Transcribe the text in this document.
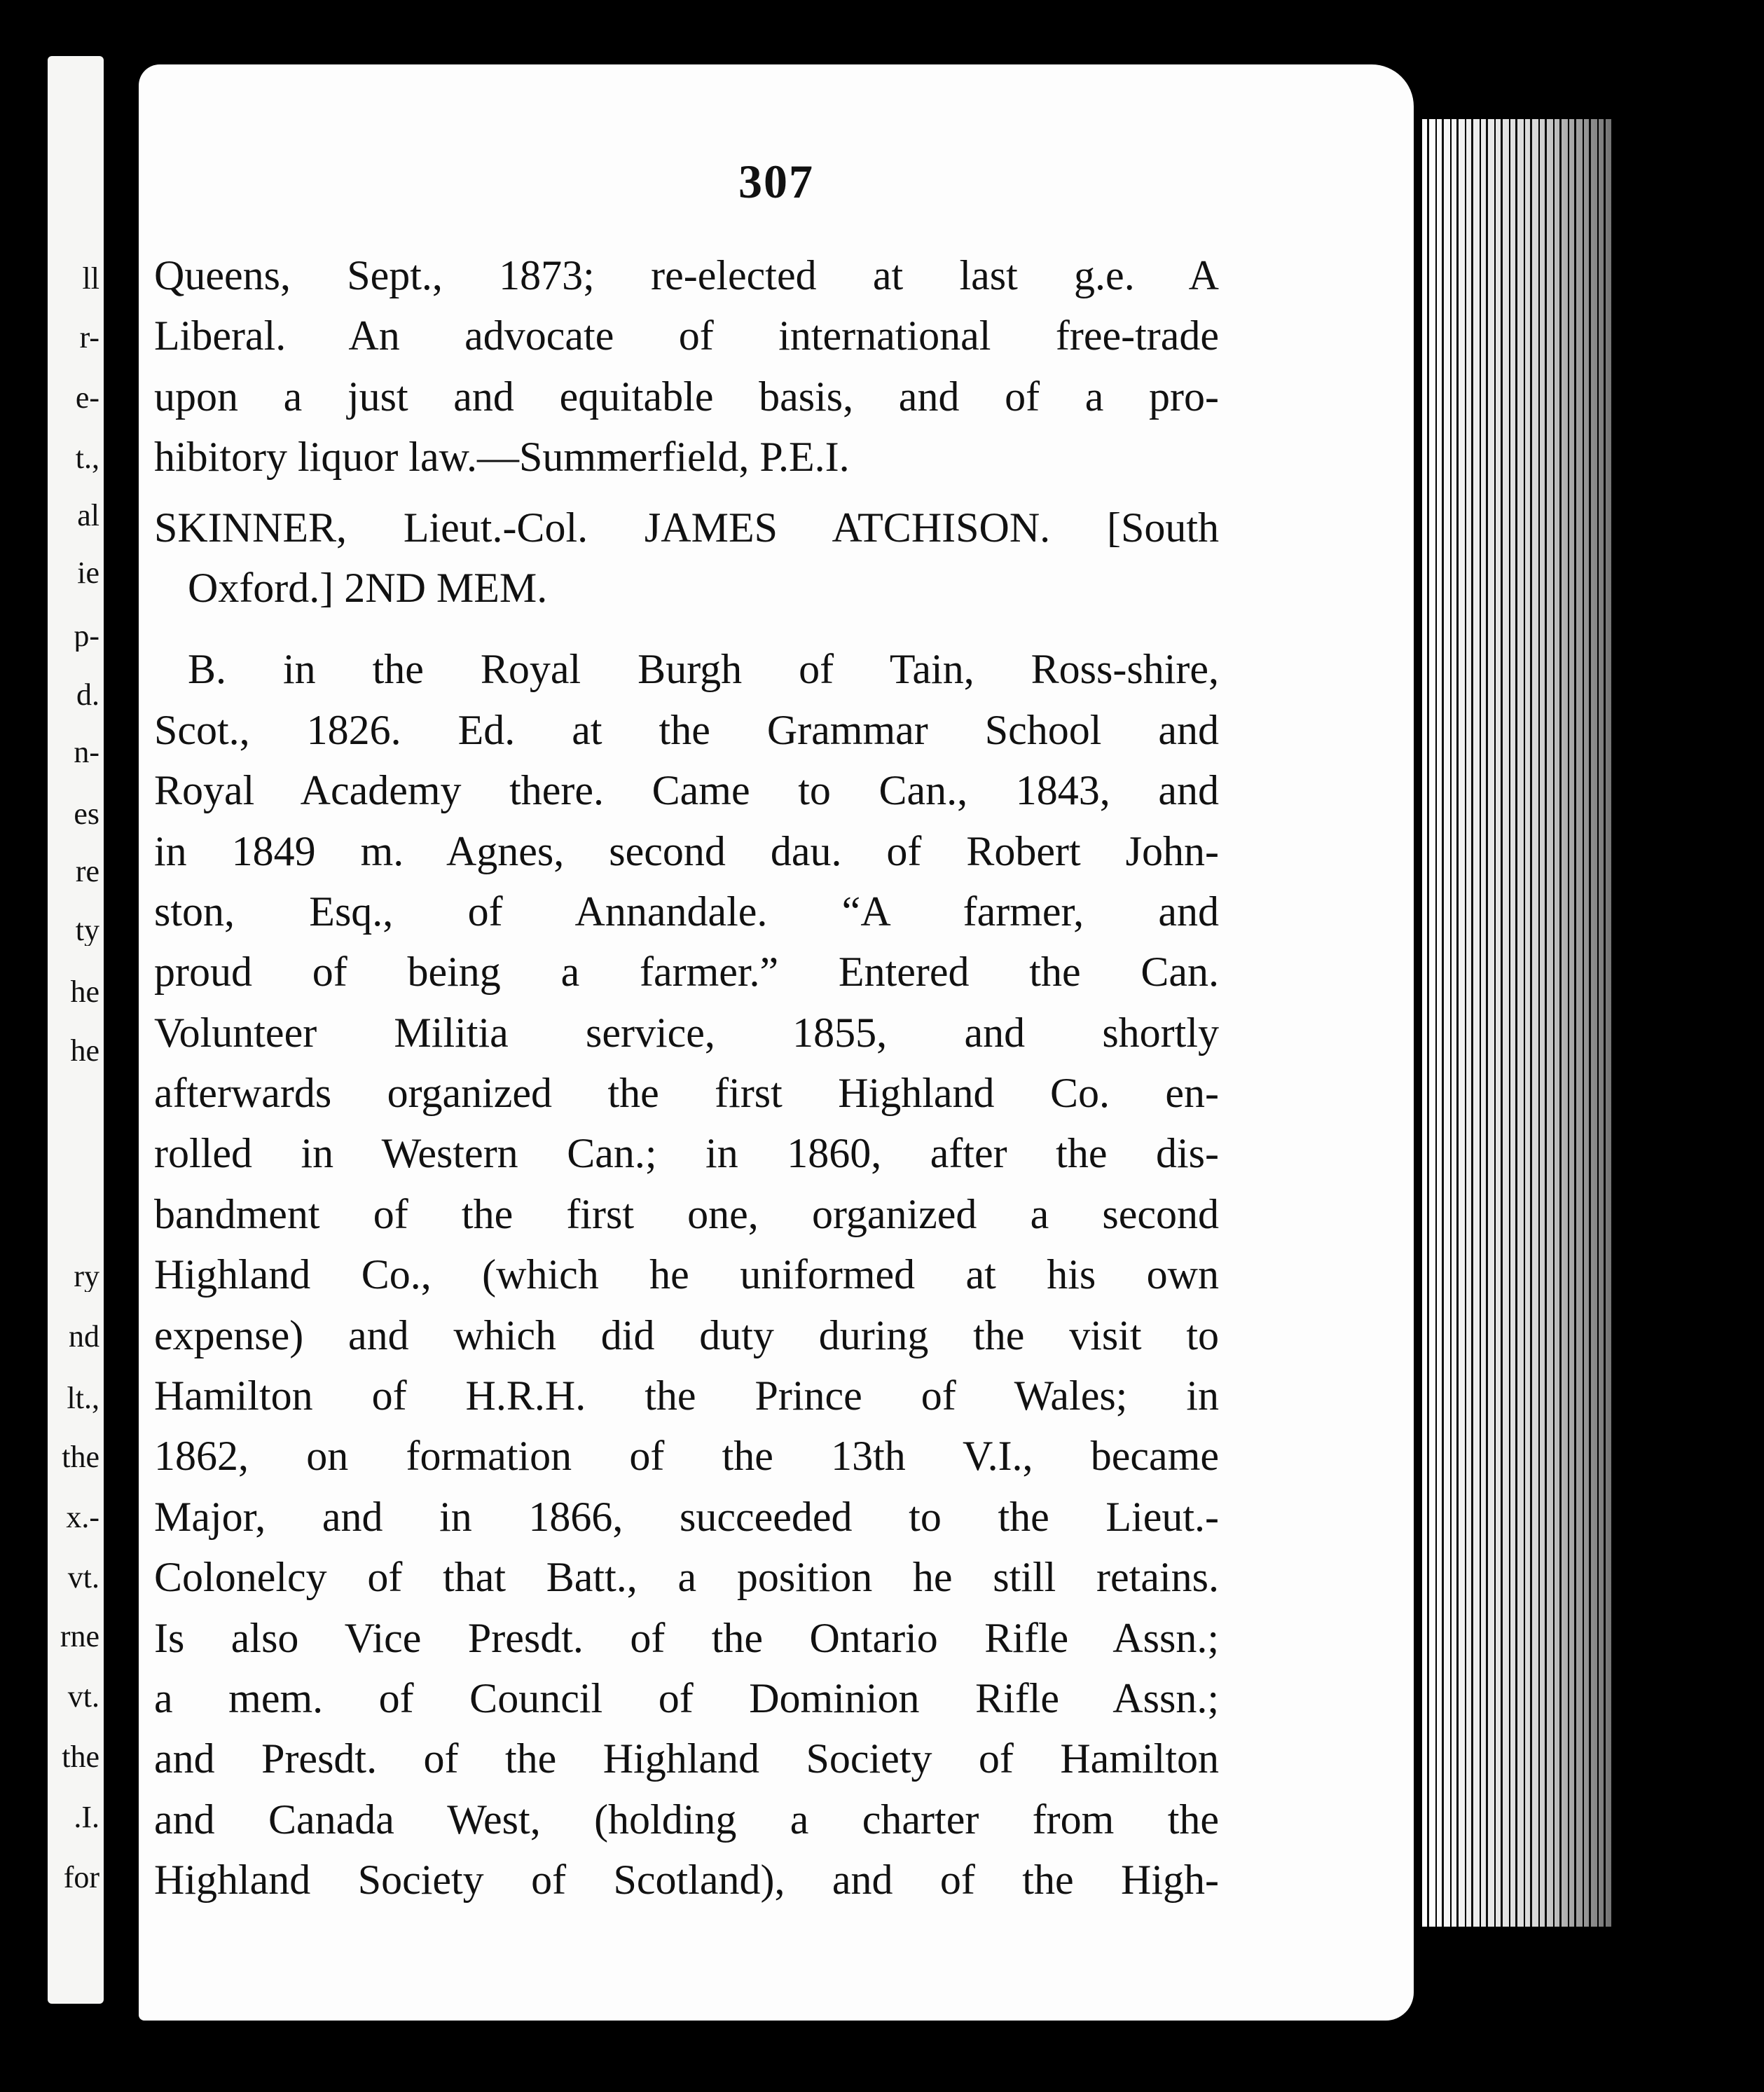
ll
r-
e-
t.,
al
ie
p-
d.
n-
es
re
ty
he
he
ry
nd
lt.,
the
x.-
vt.
rne
vt.
the
.I.
for
307
Queens, Sept., 1873; re-elected at last g.e. A
Liberal. An advocate of international free-trade
upon a just and equitable basis, and of a pro-
hibitory liquor law.—Summerfield, P.E.I.
SKINNER, Lieut.-Col. JAMES ATCHISON. [South
Oxford.] 2ND MEM.
B. in the Royal Burgh of Tain, Ross-shire,
Scot., 1826. Ed. at the Grammar School and
Royal Academy there. Came to Can., 1843, and
in 1849 m. Agnes, second dau. of Robert John-
ston, Esq., of Annandale. “A farmer, and
proud of being a farmer.” Entered the Can.
Volunteer Militia service, 1855, and shortly
afterwards organized the first Highland Co. en-
rolled in Western Can.; in 1860, after the dis-
bandment of the first one, organized a second
Highland Co., (which he uniformed at his own
expense) and which did duty during the visit to
Hamilton of H.R.H. the Prince of Wales; in
1862, on formation of the 13th V.I., became
Major, and in 1866, succeeded to the Lieut.-
Colonelcy of that Batt., a position he still retains.
Is also Vice Presdt. of the Ontario Rifle Assn.;
a mem. of Council of Dominion Rifle Assn.;
and Presdt. of the Highland Society of Hamilton
and Canada West, (holding a charter from the
Highland Society of Scotland), and of the High-
